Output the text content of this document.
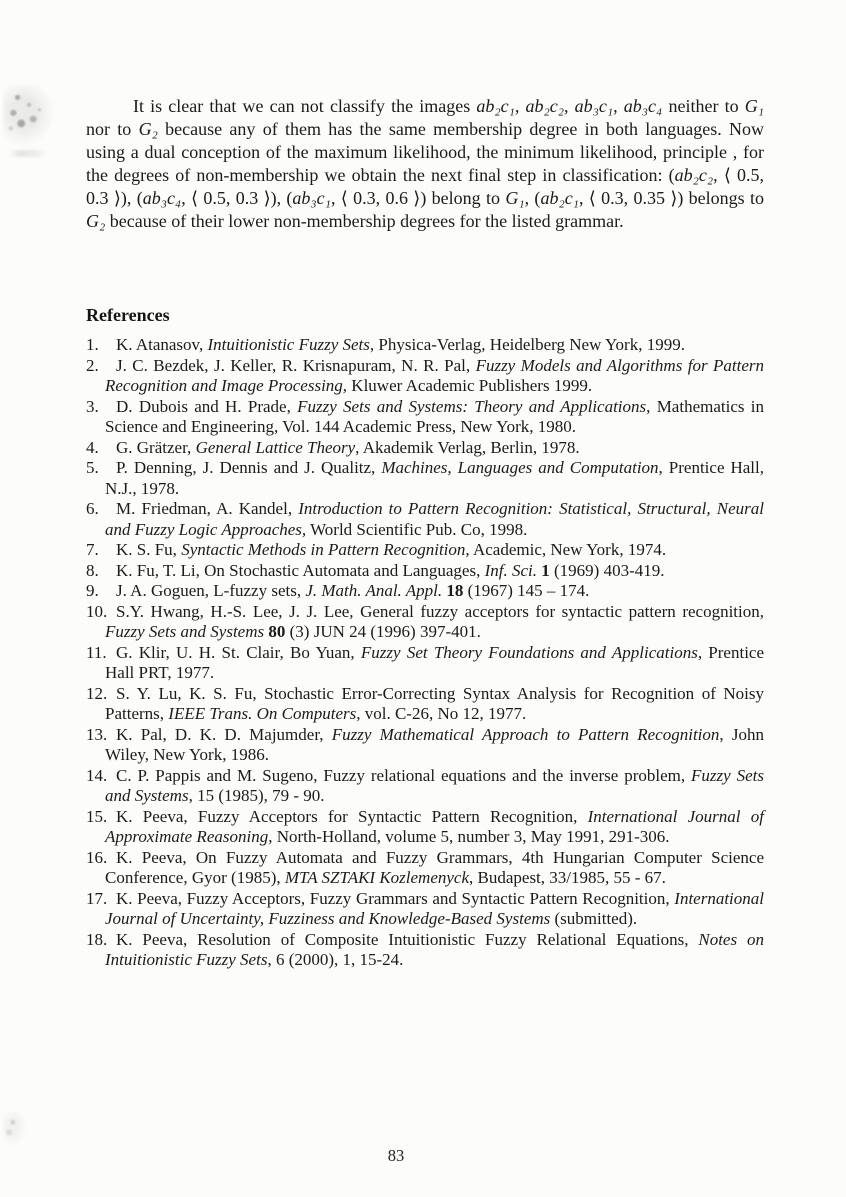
It is clear that we can not classify the images ab₂c₁, ab₂c₂, ab₃c₁, ab₃c₄ neither to G₁ nor to G₂ because any of them has the same membership degree in both languages. Now using a dual conception of the maximum likelihood, the minimum likelihood, principle , for the degrees of non-membership we obtain the next final step in classification: (ab₂c₂, ⟨ 0.5, 0.3 ⟩), (ab₃c₄, ⟨ 0.5, 0.3 ⟩), (ab₃c₁, ⟨ 0.3, 0.6 ⟩) belong to G₁, (ab₂c₁, ⟨ 0.3, 0.35 ⟩) belongs to G₂ because of their lower non-membership degrees for the listed grammar.

References
1. K. Atanasov, Intuitionistic Fuzzy Sets, Physica-Verlag, Heidelberg New York, 1999.
2. J. C. Bezdek, J. Keller, R. Krisnapuram, N. R. Pal, Fuzzy Models and Algorithms for Pattern Recognition and Image Processing, Kluwer Academic Publishers 1999.
3. D. Dubois and H. Prade, Fuzzy Sets and Systems: Theory and Applications, Mathematics in Science and Engineering, Vol. 144 Academic Press, New York, 1980.
4. G. Grätzer, General Lattice Theory, Akademik Verlag, Berlin, 1978.
5. P. Denning, J. Dennis and J. Qualitz, Machines, Languages and Computation, Prentice Hall, N.J., 1978.
6. M. Friedman, A. Kandel, Introduction to Pattern Recognition: Statistical, Structural, Neural and Fuzzy Logic Approaches, World Scientific Pub. Co, 1998.
7. K. S. Fu, Syntactic Methods in Pattern Recognition, Academic, New York, 1974.
8. K. Fu, T. Li, On Stochastic Automata and Languages, Inf. Sci. 1 (1969) 403-419.
9. J. A. Goguen, L-fuzzy sets, J. Math. Anal. Appl. 18 (1967) 145 – 174.
10. S.Y. Hwang, H.-S. Lee, J. J. Lee, General fuzzy acceptors for syntactic pattern recognition, Fuzzy Sets and Systems 80 (3) JUN 24 (1996) 397-401.
11. G. Klir, U. H. St. Clair, Bo Yuan, Fuzzy Set Theory Foundations and Applications, Prentice Hall PRT, 1977.
12. S. Y. Lu, K. S. Fu, Stochastic Error-Correcting Syntax Analysis for Recognition of Noisy Patterns, IEEE Trans. On Computers, vol. C-26, No 12, 1977.
13. K. Pal, D. K. D. Majumder, Fuzzy Mathematical Approach to Pattern Recognition, John Wiley, New York, 1986.
14. C. P. Pappis and M. Sugeno, Fuzzy relational equations and the inverse problem, Fuzzy Sets and Systems, 15 (1985), 79 - 90.
15. K. Peeva, Fuzzy Acceptors for Syntactic Pattern Recognition, International Journal of Approximate Reasoning, North-Holland, volume 5, number 3, May 1991, 291-306.
16. K. Peeva, On Fuzzy Automata and Fuzzy Grammars, 4th Hungarian Computer Science Conference, Gyor (1985), MTA SZTAKI Kozlemenyck, Budapest, 33/1985, 55 - 67.
17. K. Peeva, Fuzzy Acceptors, Fuzzy Grammars and Syntactic Pattern Recognition, International Journal of Uncertainty, Fuzziness and Knowledge-Based Systems (submitted).
18. K. Peeva, Resolution of Composite Intuitionistic Fuzzy Relational Equations, Notes on Intuitionistic Fuzzy Sets, 6 (2000), 1, 15-24.
83
